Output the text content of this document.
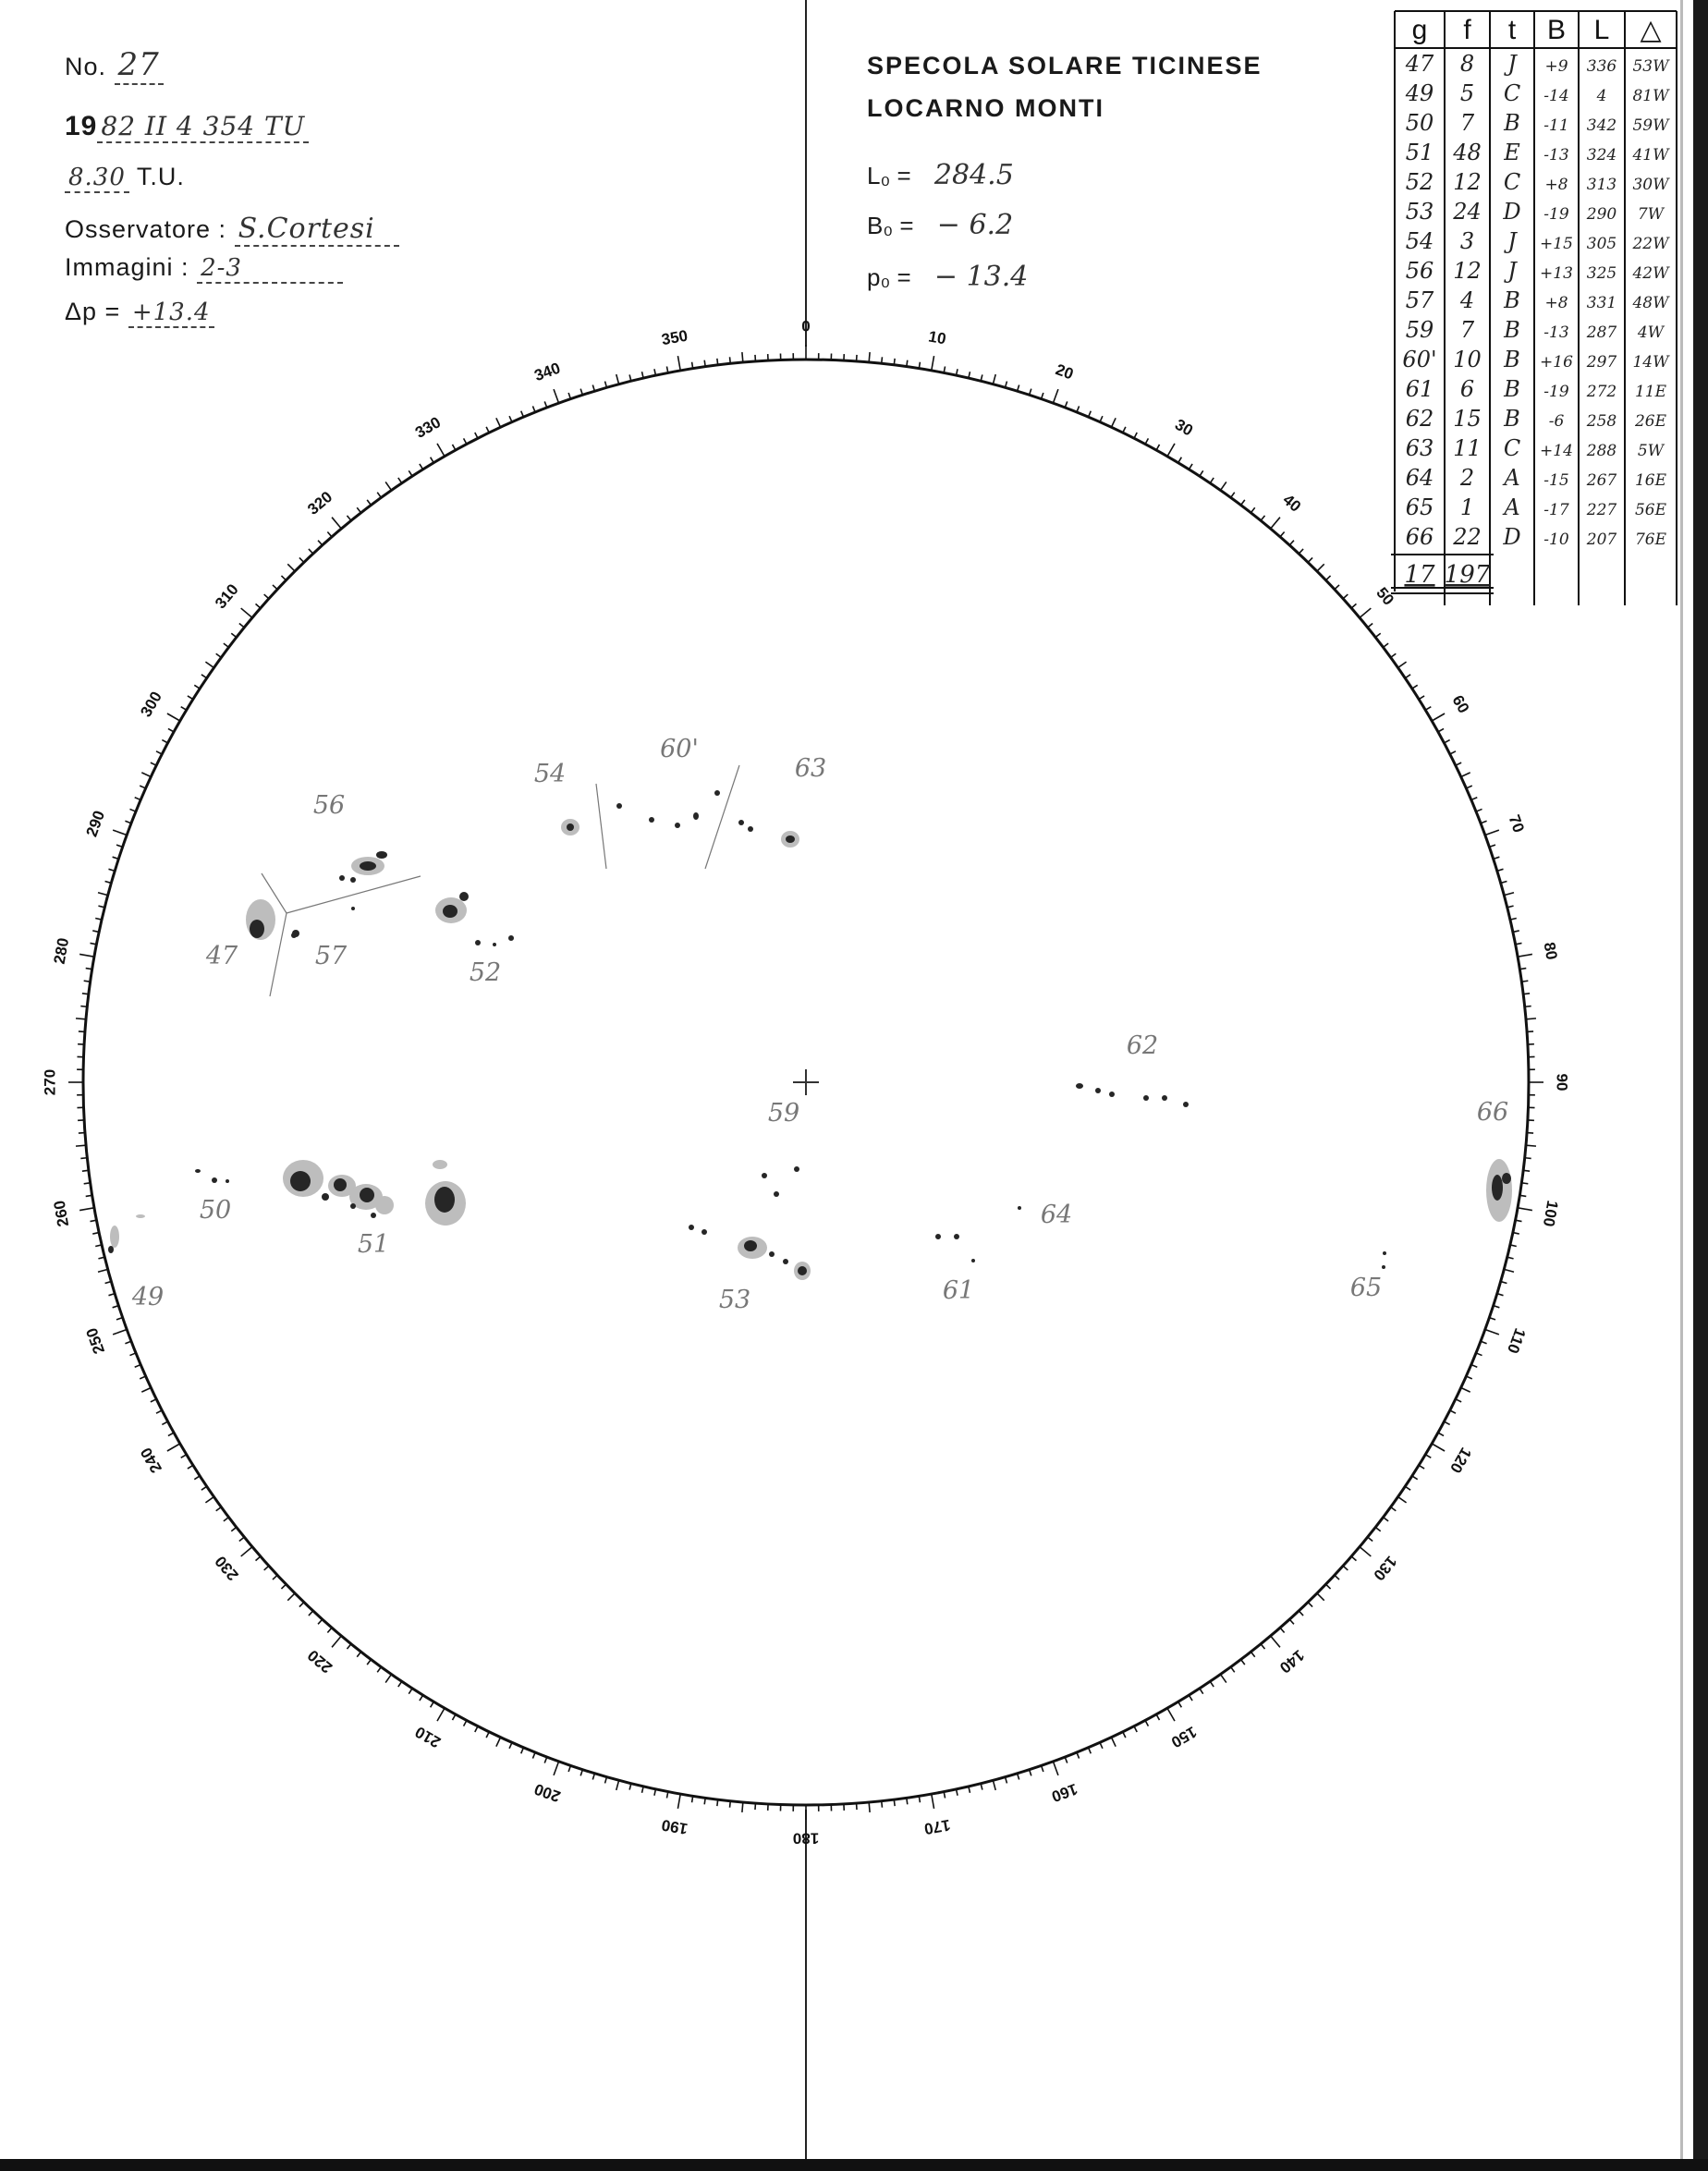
No. 27
19 82 II 4 354 TU
8.30 T.U.
Osservatore : S.Cortesi
Immagini : 2-3
Δp = +13.4
SPECOLA SOLARE TICINESE
LOCARNO MONTI
L₀ = 284.5
B₀ = − 6.2
p₀ = − 13.4
0
10
20
30
40
50
60
70
80
90
100
110
120
130
140
150
160
170
180
190
200
210
220
230
240
250
260
270
280
290
300
310
320
330
340
350
47
49
50
51
52
53
54
56
57
59
60'
61
62
63
64
65
66
g f t B L △
47 8 J +9 336 53W
49 5 C -14 4 81W
50 7 B -11 342 59W
51 48 E -13 324 41W
52 12 C +8 313 30W
53 24 D -19 290 7W
54 3 J +15 305 22W
56 12 J +13 325 42W
57 4 B +8 331 48W
59 7 B -13 287 4W
60' 10 B +16 297 14W
61 6 B -19 272 11E
62 15 B -6 258 26E
63 11 C +14 288 5W
64 2 A -15 267 16E
65 1 A -17 227 56E
66 22 D -10 207 76E
17 197
